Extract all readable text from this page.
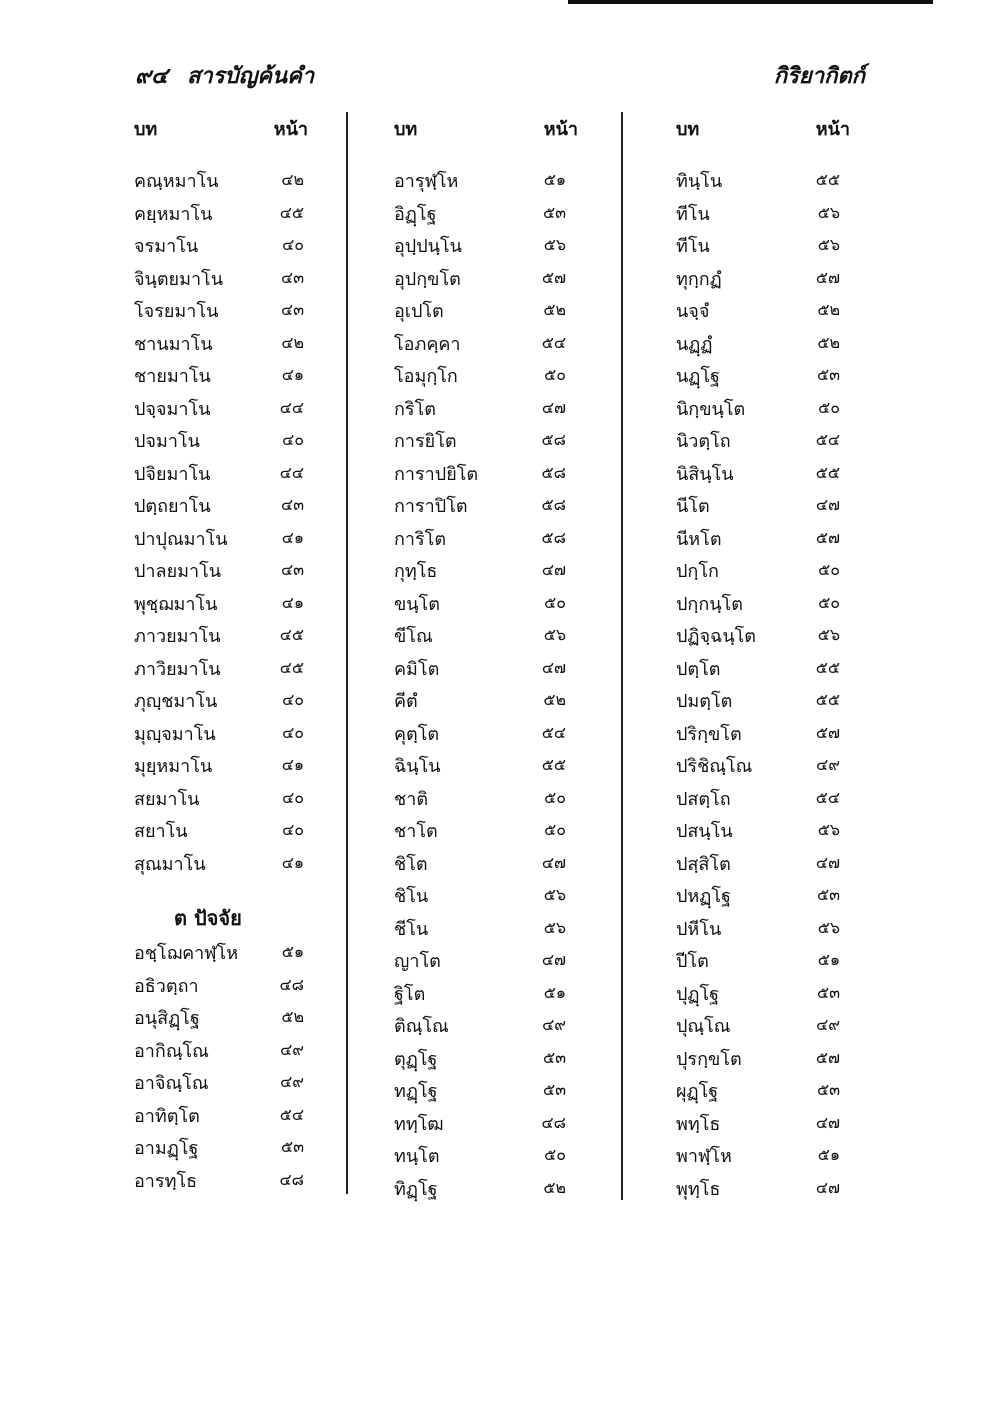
๙๔ สารบัญค้นคำ	กิริยากิตก์
บท	หน้า
คณฺหมาโน	๔๒
คยฺหมาโน	๔๕
จรมาโน	๔๐
จินฺตยมาโน	๔๓
โจรยมาโน	๔๓
ชานมาโน	๔๒
ชายมาโน	๔๑
ปจฺจมาโน	๔๔
ปจมาโน	๔๐
ปจิยมาโน	๔๔
ปตฺถยาโน	๔๓
ปาปุณมาโน	๔๑
ปาลยมาโน	๔๓
พุชฺฌมาโน	๔๑
ภาวยมาโน	๔๕
ภาวิยมาโน	๔๕
ภุญฺชมาโน	๔๐
มุญฺจมาโน	๔๐
มุยฺหมาโน	๔๑
สยมาโน	๔๐
สยาโน	๔๐
สุณมาโน	๔๑
ต ปัจจัย
อชฺโฌคาฬฺโห	๕๑
อธิวตฺถา	๔๘
อนุสิฏฺโฐ	๕๒
อากิณฺโณ	๔๙
อาจิณฺโณ	๔๙
อาทิตฺโต	๕๔
อามฏฺโฐ	๕๓
อารทฺโธ	๔๘
บท	หน้า
อารุฬฺโห	๕๑
อิฏฺโฐ	๕๓
อุปฺปนฺโน	๕๖
อุปกฺขโต	๕๗
อุเปโต	๕๒
โอภคฺคา	๕๔
โอมุกฺโก	๕๐
กริโต	๔๗
การยิโต	๕๘
การาปยิโต	๕๘
การาปิโต	๕๘
การิโต	๕๘
กุทฺโธ	๔๗
ขนฺโต	๕๐
ขีโณ	๕๖
คมิโต	๔๗
คีตํ	๕๒
คุตฺโต	๕๔
ฉินฺโน	๕๕
ชาติ	๕๐
ชาโต	๕๐
ชิโต	๔๗
ชิโน	๕๖
ชีโน	๕๖
ญาโต	๔๗
ฐิโต	๕๑
ติณฺโณ	๔๙
ตุฏฺโฐ	๕๓
ทฏฺโฐ	๕๓
ททฺโฒ	๔๘
ทนฺโต	๕๐
ทิฏฺโฐ	๕๒
บท	หน้า
ทินฺโน	๕๕
ทีโน	๕๖
ทีโน	๕๖
ทุกฺกฏํ	๕๗
นจฺจํ	๕๒
นฏฺฏํ	๕๒
นฏฺโฐ	๕๓
นิกฺขนฺโต	๕๐
นิวตฺโถ	๕๔
นิสินฺโน	๕๕
นีโต	๔๗
นีหโต	๕๗
ปกฺโก	๕๐
ปกฺกนฺโต	๕๐
ปฏิจฺฉนฺโต	๕๖
ปตฺโต	๕๕
ปมตฺโต	๕๕
ปริกฺขโต	๕๗
ปริชิณฺโณ	๔๙
ปสตฺโถ	๕๔
ปสนฺโน	๕๖
ปสฺสิโต	๔๗
ปหฏฺโฐ	๕๓
ปหีโน	๕๖
ปีโต	๕๑
ปุฏฺโฐ	๕๓
ปุณฺโณ	๔๙
ปุรกฺขโต	๕๗
ผุฏฺโฐ	๕๓
พทฺโธ	๔๗
พาฬฺโห	๕๑
พุทฺโธ	๔๗
